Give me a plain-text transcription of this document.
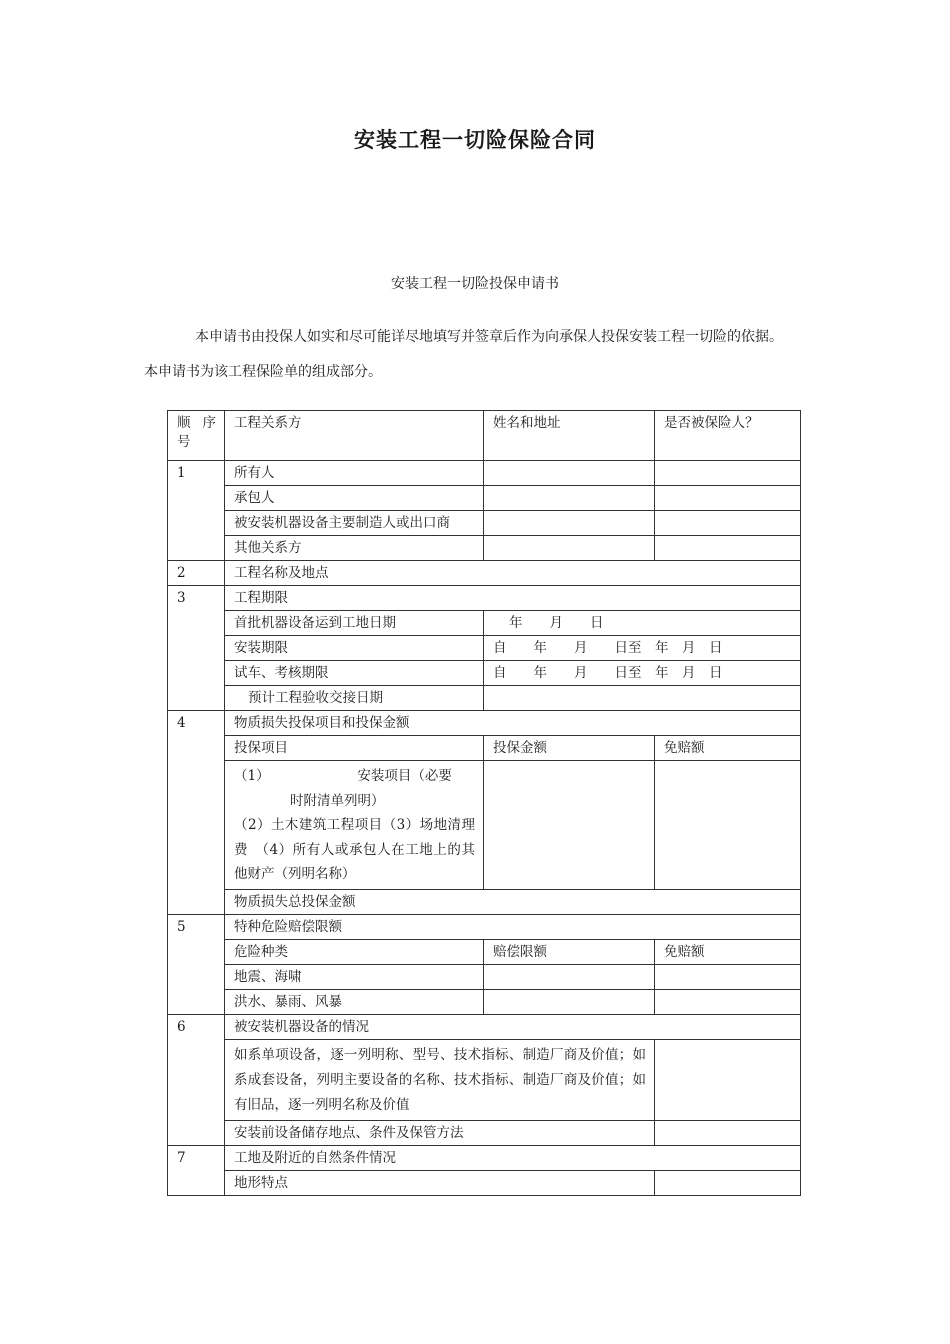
安装工程一切险保险合同
安装工程一切险投保申请书
本申请书由投保人如实和尽可能详尽地填写并签章后作为向承保人投保安装工程一切险的依据。
本申请书为该工程保险单的组成部分。
顺 序 号	工程关系方	姓名和地址	是否被保险人？
1	所有人		
	承包人		
	被安装机器设备主要制造人或出口商		
	其他关系方		
2	工程名称及地点		
3	工程期限		
	首批机器设备运到工地日期	年　　月　　日	
	安装期限	自　　年　　月　　日至　年　月　日	
	试车、考核期限	自　　年　　月　　日至　年　月　日	
	预计工程验收交接日期		
4	物质损失投保项目和投保金额		
	投保项目	投保金额	免赔额

	（1）　　　　　　　安装项目（必要
时附清单列明）
（2）土木建筑工程项目（3）场地清理费　（4）所有人或承包人在工地上的其他财产（列明名称）		

	物质损失总投保金额		
5	特种危险赔偿限额		
	危险种类	赔偿限额	免赔额
	地震、海啸		
	洪水、暴雨、风暴		
6	被安装机器设备的情况		
	如系单项设备，逐一列明称、型号、技术指标、制造厂商及价值；如系成套设备，列明主要设备的名称、技术指标、制造厂商及价值；如有旧品，逐一列明名称及价值		
	安装前设备储存地点、条件及保管方法		
7	工地及附近的自然条件情况		
	地形特点		
